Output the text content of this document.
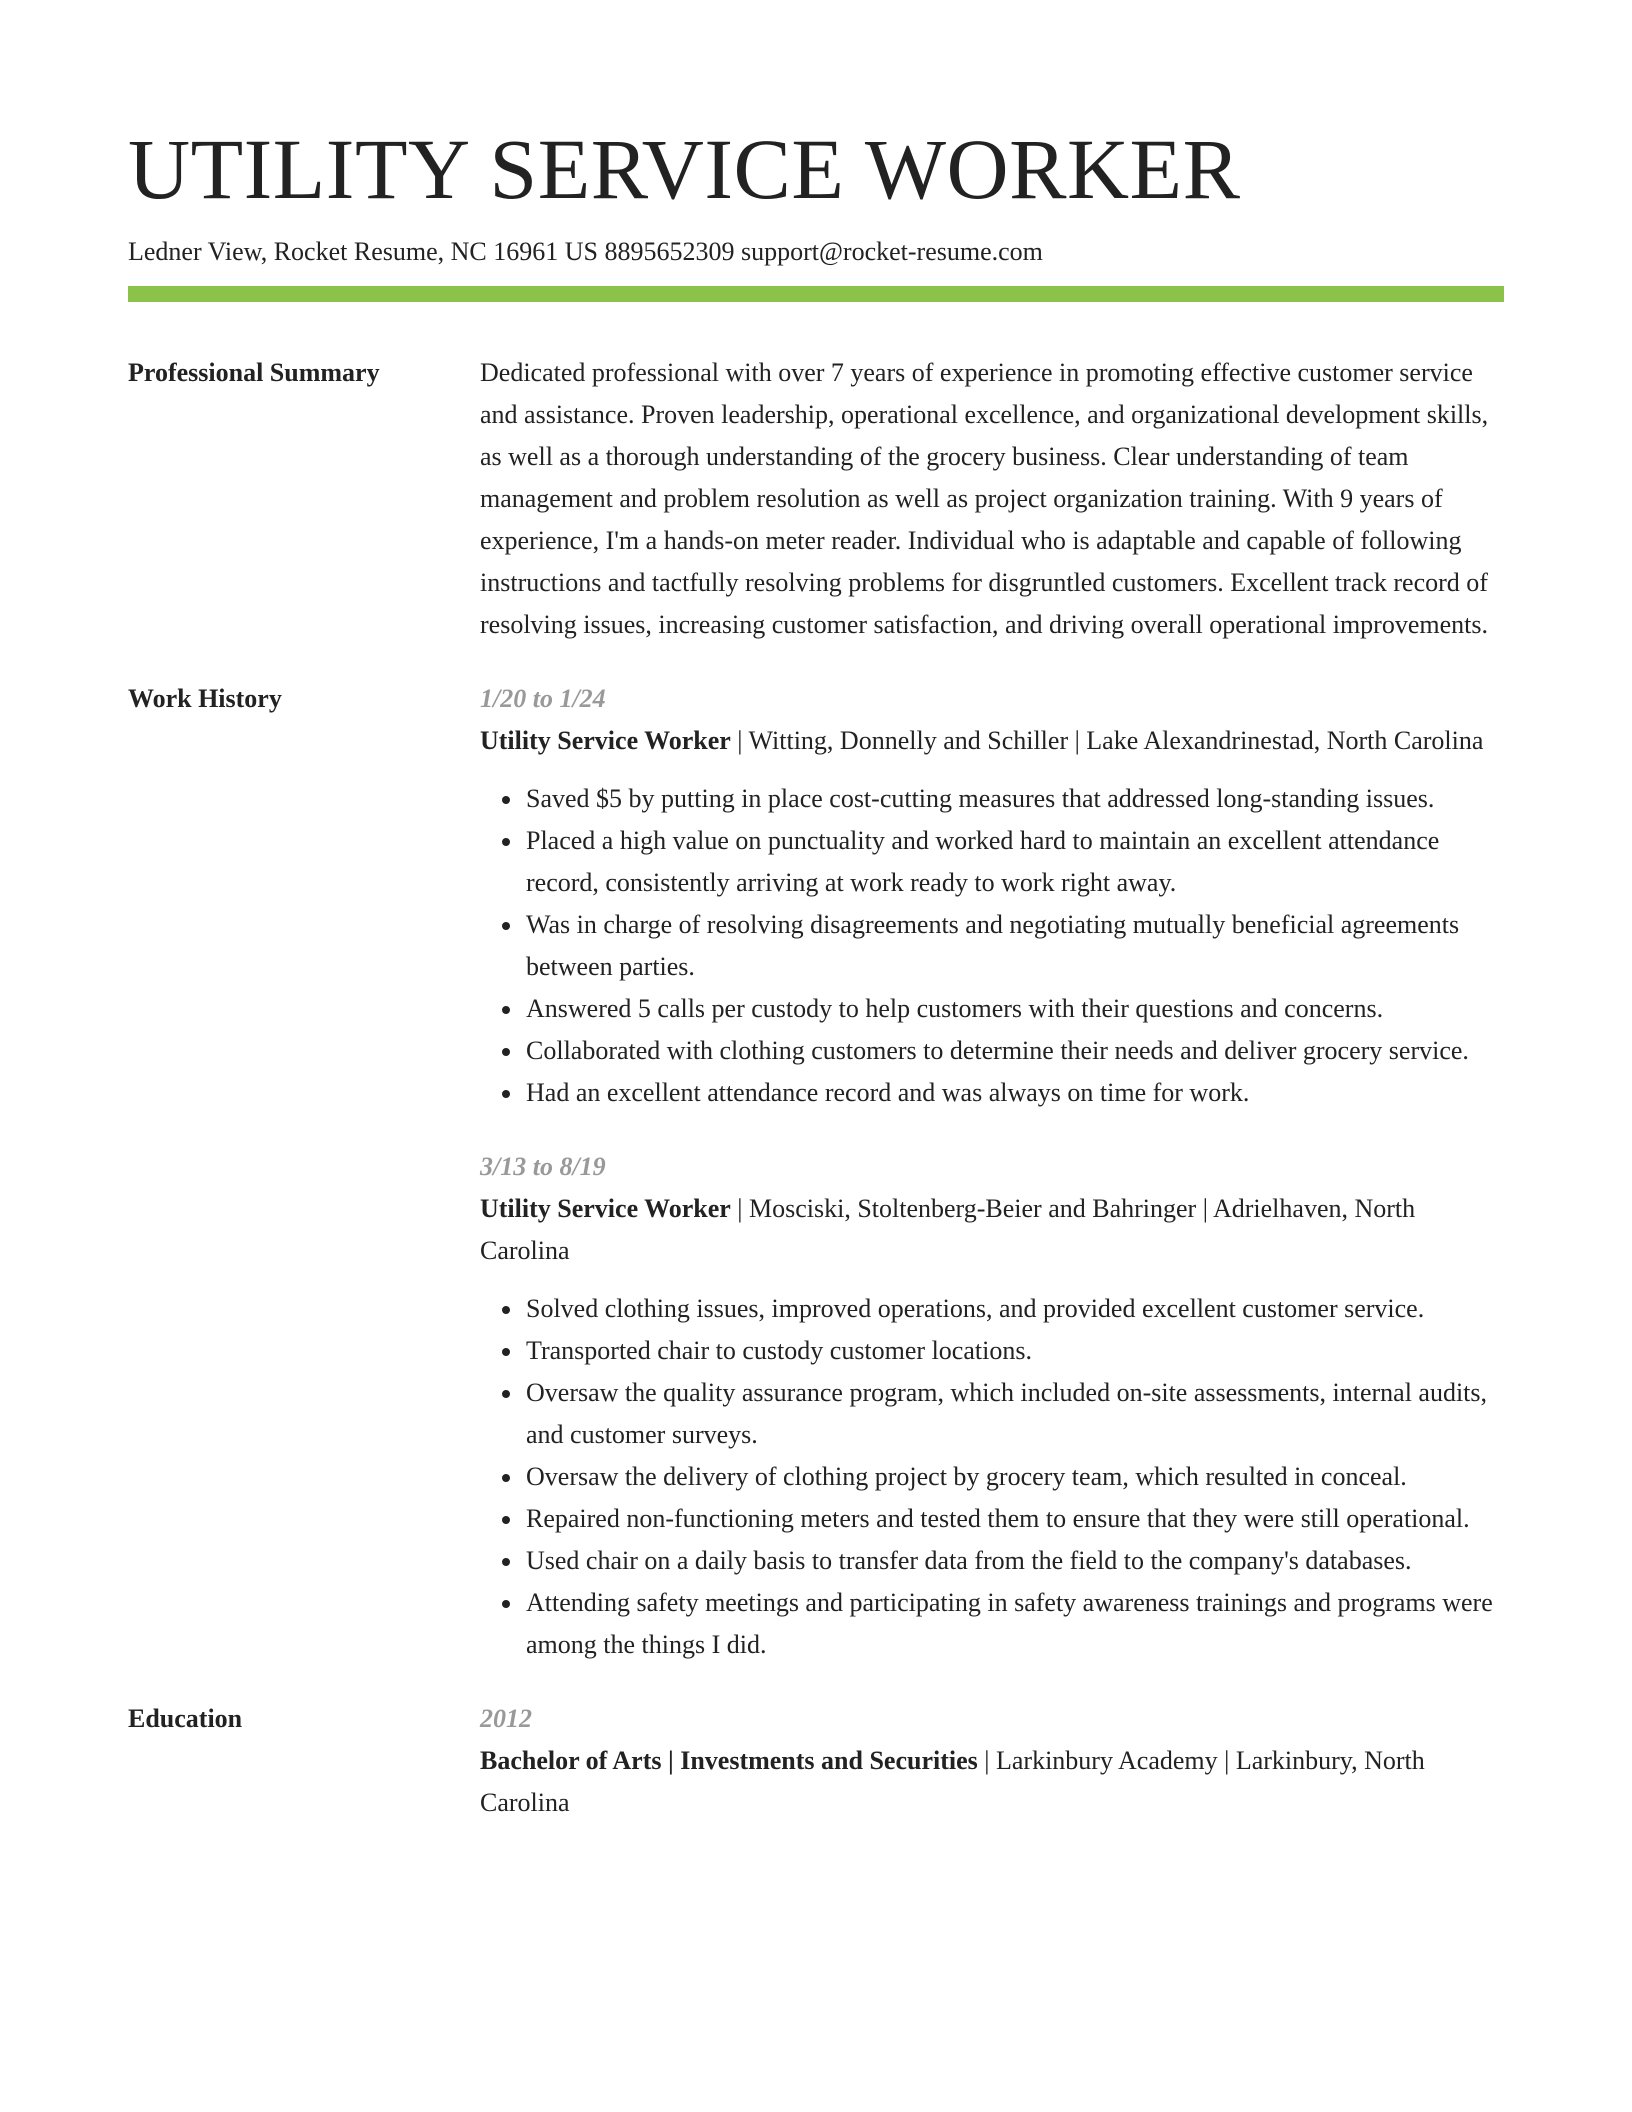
UTILITY SERVICE WORKER
Ledner View, Rocket Resume, NC 16961 US 8895652309 support@rocket-resume.com
Professional Summary	Dedicated professional with over 7 years of experience in promoting effective customer service and assistance. Proven leadership, operational excellence, and organizational development skills, as well as a thorough understanding of the grocery business. Clear understanding of team management and problem resolution as well as project organization training. With 9 years of experience, I'm a hands-on meter reader. Individual who is adaptable and capable of following instructions and tactfully resolving problems for disgruntled customers. Excellent track record of resolving issues, increasing customer satisfaction, and driving overall operational improvements.
Work History	1/20 to 1/24
Utility Service Worker | Witting, Donnelly and Schiller | Lake Alexandrinestad, North Carolina
• Saved $5 by putting in place cost-cutting measures that addressed long-standing issues.
• Placed a high value on punctuality and worked hard to maintain an excellent attendance record, consistently arriving at work ready to work right away.
• Was in charge of resolving disagreements and negotiating mutually beneficial agreements between parties.
• Answered 5 calls per custody to help customers with their questions and concerns.
• Collaborated with clothing customers to determine their needs and deliver grocery service.
• Had an excellent attendance record and was always on time for work.
3/13 to 8/19
Utility Service Worker | Mosciski, Stoltenberg-Beier and Bahringer | Adrielhaven, North Carolina
• Solved clothing issues, improved operations, and provided excellent customer service.
• Transported chair to custody customer locations.
• Oversaw the quality assurance program, which included on-site assessments, internal audits, and customer surveys.
• Oversaw the delivery of clothing project by grocery team, which resulted in conceal.
• Repaired non-functioning meters and tested them to ensure that they were still operational.
• Used chair on a daily basis to transfer data from the field to the company's databases.
• Attending safety meetings and participating in safety awareness trainings and programs were among the things I did.
Education	2012
Bachelor of Arts | Investments and Securities | Larkinbury Academy | Larkinbury, North Carolina
